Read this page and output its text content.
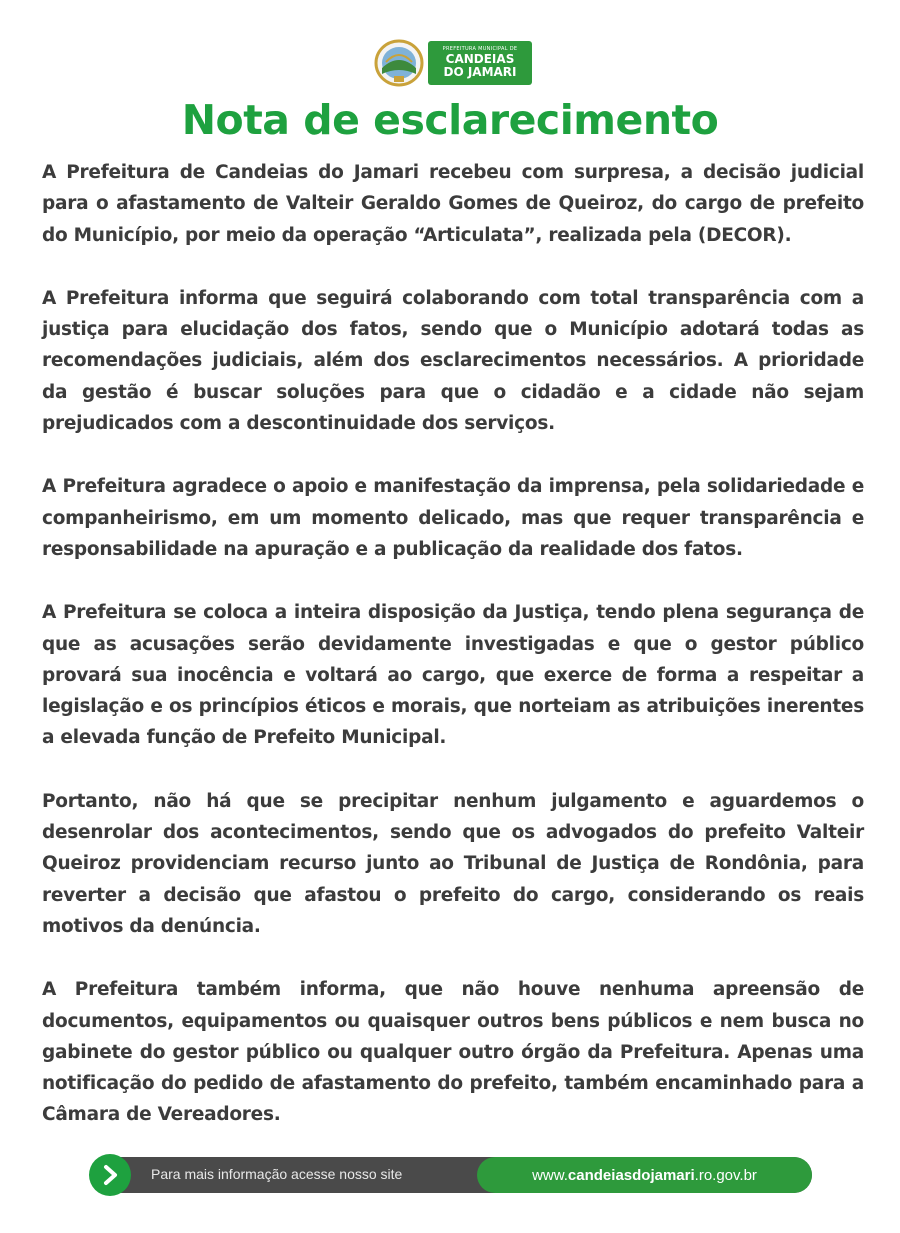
PREFEITURA MUNICIPAL DE
CANDEIAS
DO JAMARI
Nota de esclarecimento

A Prefeitura de Candeias do Jamari recebeu com surpresa, a decisão judicial para o afastamento de Valteir Geraldo Gomes de Queiroz, do cargo de prefeito do Município, por meio da operação “Articulata”, realizada pela (DECOR).

A Prefeitura informa que seguirá colaborando com total transparência com a justiça para elucidação dos fatos, sendo que o Município adotará todas as recomendações judiciais, além dos esclarecimentos necessários. A prioridade da gestão é buscar soluções para que o cidadão e a cidade não sejam prejudicados com a descontinuidade dos serviços.

A Prefeitura agradece o apoio e manifestação da imprensa, pela solidariedade e companheirismo, em um momento delicado, mas que requer transparência e responsabilidade na apuração e a publicação da realidade dos fatos.

A Prefeitura se coloca a inteira disposição da Justiça, tendo plena segurança de que as acusações serão devidamente investigadas e que o gestor público provará sua inocência e voltará ao cargo, que exerce de forma a respeitar a legislação e os princípios éticos e morais, que norteiam as atribuições inerentes a elevada função de Prefeito Municipal.

Portanto, não há que se precipitar nenhum julgamento e aguardemos o desenrolar dos acontecimentos, sendo que os advogados do prefeito Valteir Queiroz providenciam recurso junto ao Tribunal de Justiça de Rondônia, para reverter a decisão que afastou o prefeito do cargo, considerando os reais motivos da denúncia.

A Prefeitura também informa, que não houve nenhuma apreensão de documentos, equipamentos ou quaisquer outros bens públicos e nem busca no gabinete do gestor público ou qualquer outro órgão da Prefeitura. Apenas uma notificação do pedido de afastamento do prefeito, também encaminhado para a Câmara de Vereadores.

Para mais informação acesse nosso site	www. candeiasdojamari .ro.gov.br
